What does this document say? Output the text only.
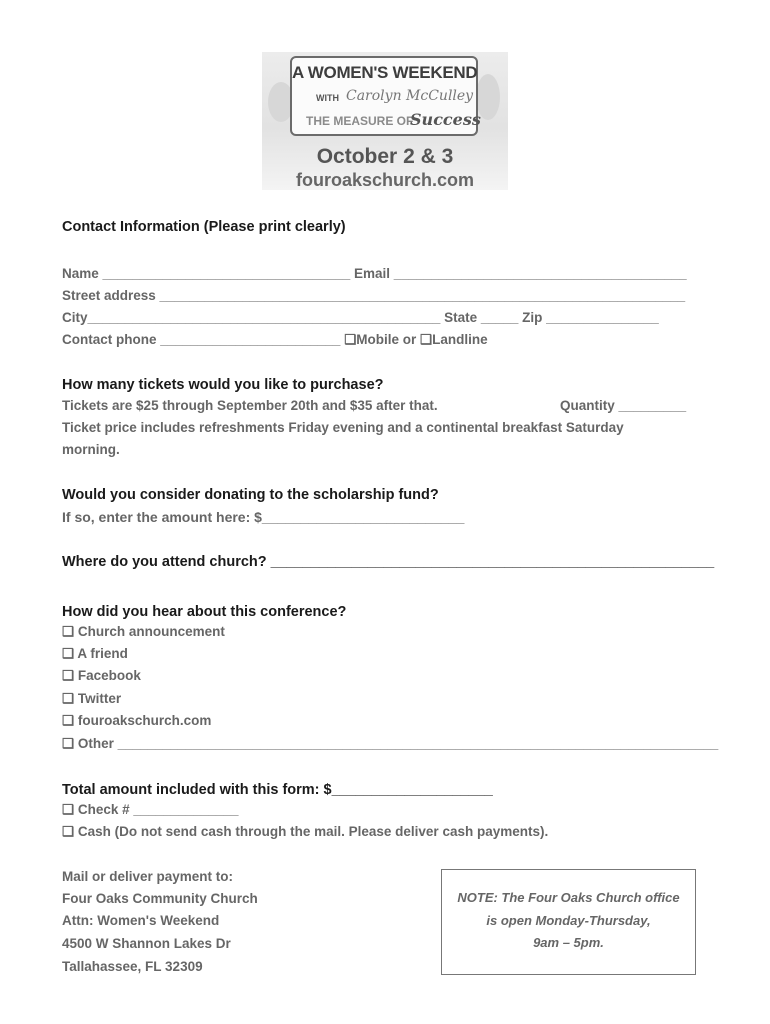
A WOMEN'S WEEKEND
WITH Carolyn McCulley
THE MEASURE OF
Success
October 2 & 3
fouroakschurch.com
Contact Information (Please print clearly)
Name _________________________________ Email _______________________________________
Street address ______________________________________________________________________
City_______________________________________________ State _____ Zip _______________
Contact phone ________________________ ❑Mobile or ❑Landline
How many tickets would you like to purchase?
Tickets are $25 through September 20th and $35 after that.	Quantity _________
Ticket price includes refreshments Friday evening and a continental breakfast Saturday
morning.
Would you consider donating to the scholarship fund?
If so, enter the amount here: $__________________________
Where do you attend church? _______________________________________________________
How did you hear about this conference?
❑ Church announcement
❑ A friend
❑ Facebook
❑ Twitter
❑ fouroakschurch.com
❑ Other ________________________________________________________________________________
Total amount included with this form: $____________________
❑ Check # ______________
❑ Cash (Do not send cash through the mail. Please deliver cash payments).
Mail or deliver payment to:
Four Oaks Community Church
Attn: Women's Weekend
4500 W Shannon Lakes Dr
Tallahassee, FL 32309
NOTE: The Four Oaks Church office
is open Monday-Thursday,
9am – 5pm.
